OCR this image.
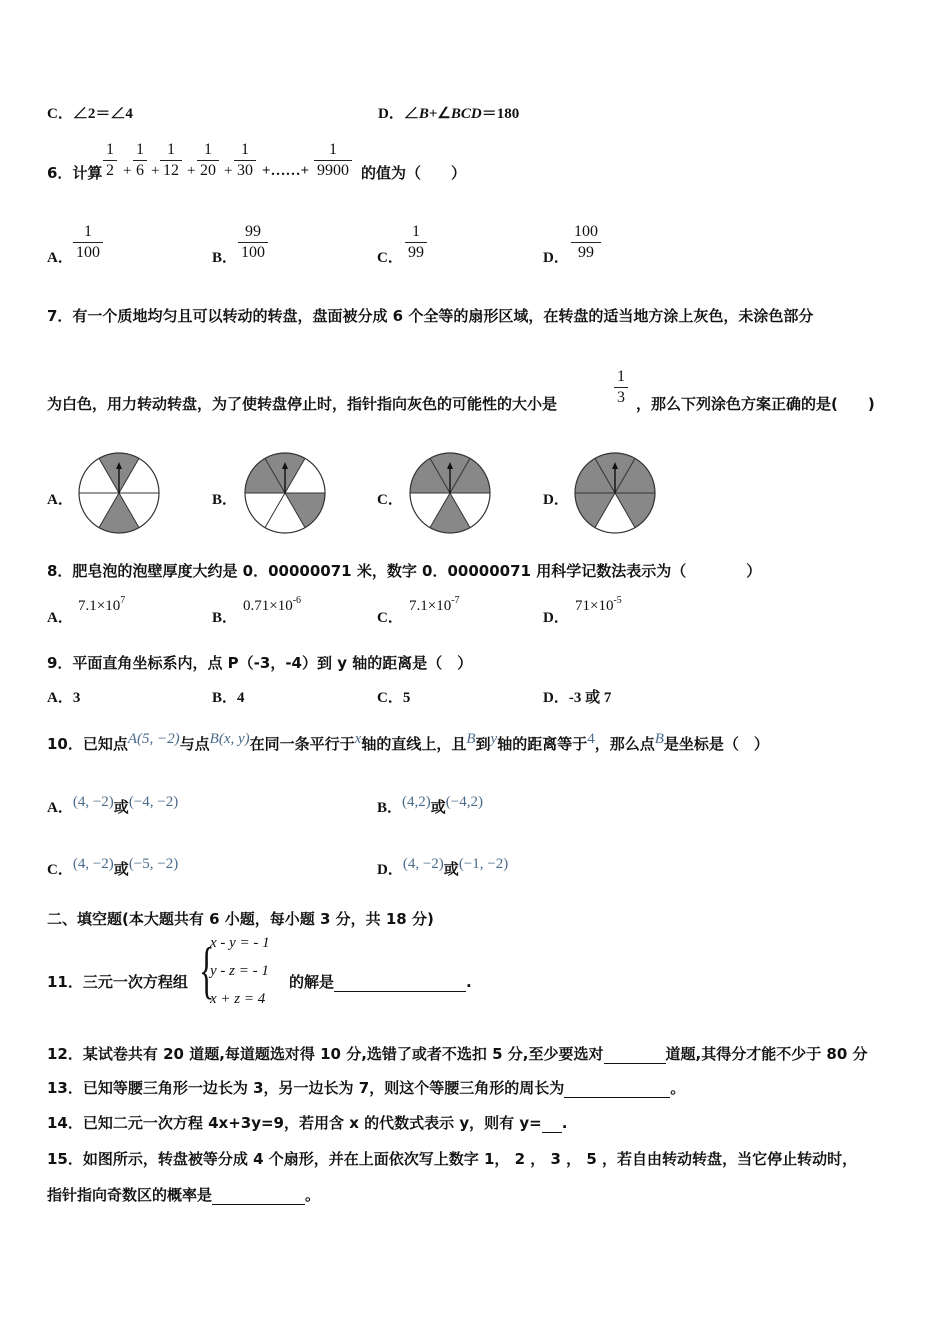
C．∠2＝∠4	D．∠B+∠BCD＝180
6．计算 $\frac{1}{2} + \frac{1}{6} + \frac{1}{12} + \frac{1}{20} + \frac{1}{30}$ +……+ $\frac{1}{9900}$ 的值为（　　）
A． $\frac{1}{100}$	B． $\frac{99}{100}$	C． $\frac{1}{99}$	D． $\frac{100}{99}$
7．有一个质地均匀且可以转动的转盘，盘面被分成 6 个全等的扇形区域，在转盘的适当地方涂上灰色，未涂色部分
为白色，用力转动转盘，为了使转盘停止时，指针指向灰色的可能性的大小是	$\frac{1}{3}$ ，那么下列涂色方案正确的是(　　)
A．	B．	C．	D．
8．肥皂泡的泡壁厚度大约是 0．00000071 米，数字 0．00000071 用科学记数法表示为（　　　　）
A．
$7.1\times 10^7$
B．
$0.71\times 10^{-6}$
C．
$7.1\times 10^{-7}$
D．
$71\times 10^{-5}$
9．平面直角坐标系内，点 P（-3，-4）到 y 轴的距离是（　）
A．3	B．4	C．5	D．-3 或 7
10．已知点A(5, −2)与点B(x, y)在同一条平行于x轴的直线上，且B到y轴的距离等于4，那么点B是坐标是（　）
A．(4, −2)或(−4, −2)	B．(4,2)或(−4,2)
C．(4, −2)或(−5, −2)	D．(4, −2)或(−1, −2)
二、填空题(本大题共有 6 小题，每小题 3 分，共 18 分)
11．三元一次方程组 {
x - y = - 1
y - z = - 1
x + z = 4
的解是	.
12．某试卷共有 20 道题,每道题选对得 10 分,选错了或者不选扣 5 分,至少要选对	道题,其得分才能不少于 80 分
13．已知等腰三角形一边长为 3，另一边长为 7，则这个等腰三角形的周长为	。
14．已知二元一次方程 4x+3y=9，若用含 x 的代数式表示 y，则有 y= .
15．如图所示，转盘被等分成 4 个扇形，并在上面依次写上数字 1， 2 ， 3 ， 5 ，若自由转动转盘，当它停止转动时，
指针指向奇数区的概率是	。
